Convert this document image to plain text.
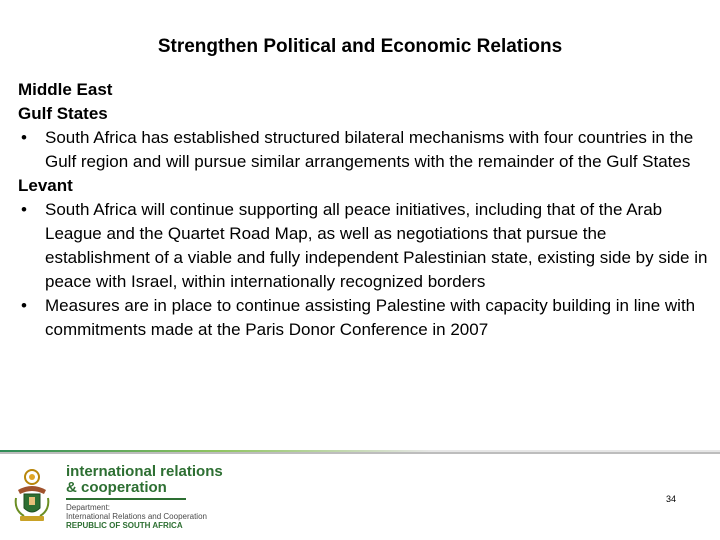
Strengthen Political and Economic Relations
Middle East
Gulf States
• South Africa has established structured bilateral mechanisms with four countries in the Gulf region and will pursue similar arrangements with the remainder of the Gulf States
Levant
• South Africa will continue supporting all peace initiatives, including that of the Arab League and the Quartet Road Map, as well as negotiations that pursue the establishment of a viable and fully independent Palestinian state, existing side by side in peace with Israel, within internationally recognized borders
• Measures are in place to continue assisting Palestine with capacity building in line with commitments made at the Paris Donor Conference in 2007
international relations
& cooperation
Department:
International Relations and Cooperation
REPUBLIC OF SOUTH AFRICA
34
